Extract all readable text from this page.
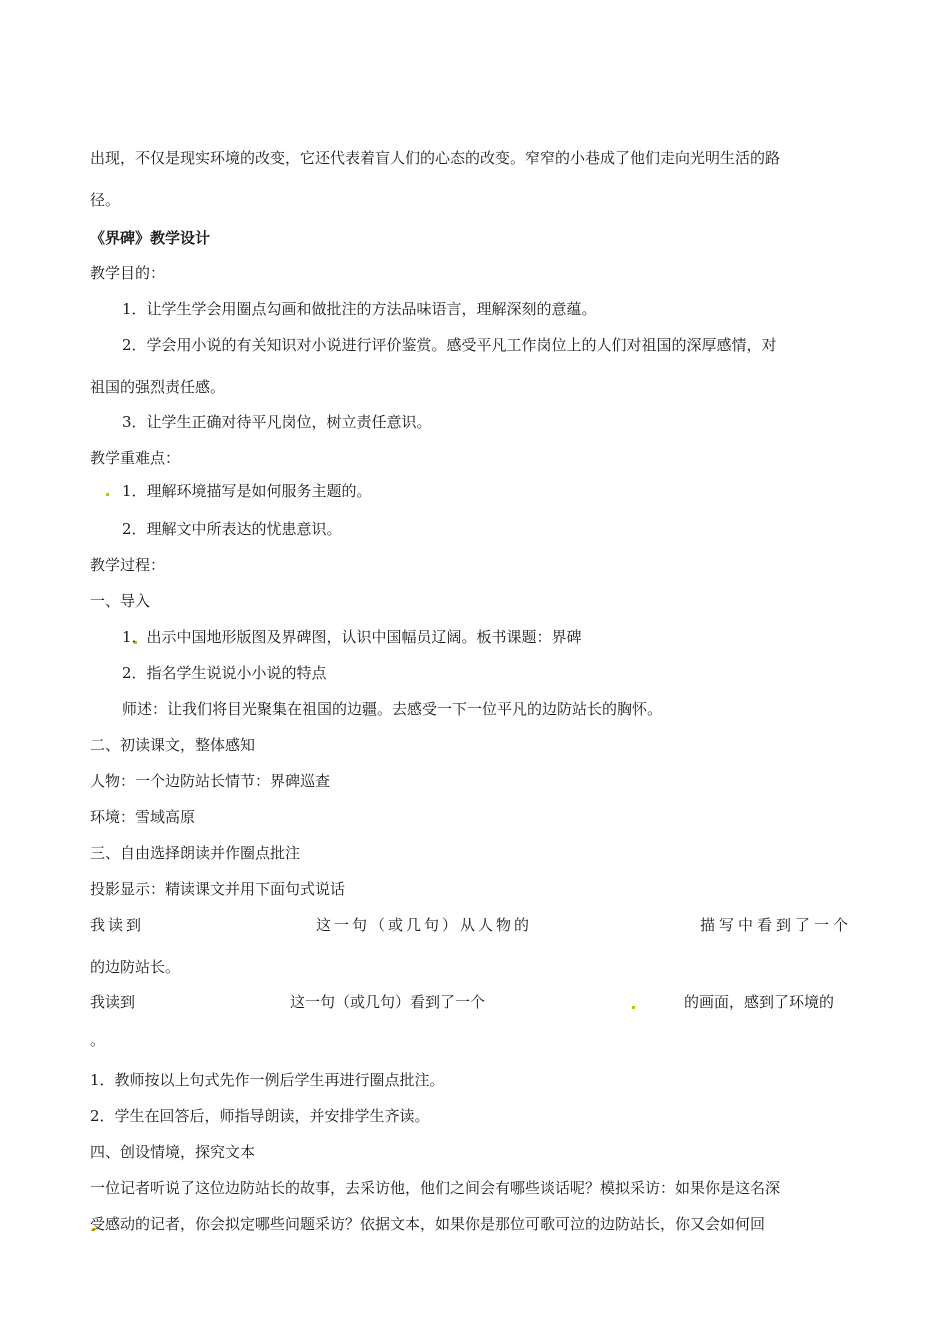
出现，不仅是现实环境的改变，它还代表着盲人们的心态的改变。窄窄的小巷成了他们走向光明生活的路
径。
《界碑》教学设计
教学目的：
1．让学生学会用圈点勾画和做批注的方法品味语言，理解深刻的意蕴。
2．学会用小说的有关知识对小说进行评价鉴赏。感受平凡工作岗位上的人们对祖国的深厚感情，对
祖国的强烈责任感。
3．让学生正确对待平凡岗位，树立责任意识。
教学重难点：
1．理解环境描写是如何服务主题的。
2．理解文中所表达的忧患意识。
教学过程：
一、导入
1．出示中国地形版图及界碑图，认识中国幅员辽阔。板书课题：界碑
2．指名学生说说小小说的特点
师述：让我们将目光聚集在祖国的边疆。去感受一下一位平凡的边防站长的胸怀。
二、初读课文，整体感知
人物：一个边防站长情节：界碑巡查
环境：雪域高原
三、自由选择朗读并作圈点批注
投影显示：精读课文并用下面句式说话
我读到	这一句（或几句）从人物的	描写中看到了一个
的边防站长。
我读到	这一句（或几句）看到了一个	的画面，感到了环境的
。
1．教师按以上句式先作一例后学生再进行圈点批注。
2．学生在回答后，师指导朗读，并安排学生齐读。
四、创设情境，探究文本
一位记者听说了这位边防站长的故事，去采访他，他们之间会有哪些谈话呢？模拟采访：如果你是这名深
受感动的记者，你会拟定哪些问题采访？依据文本，如果你是那位可歌可泣的边防站长，你又会如何回
